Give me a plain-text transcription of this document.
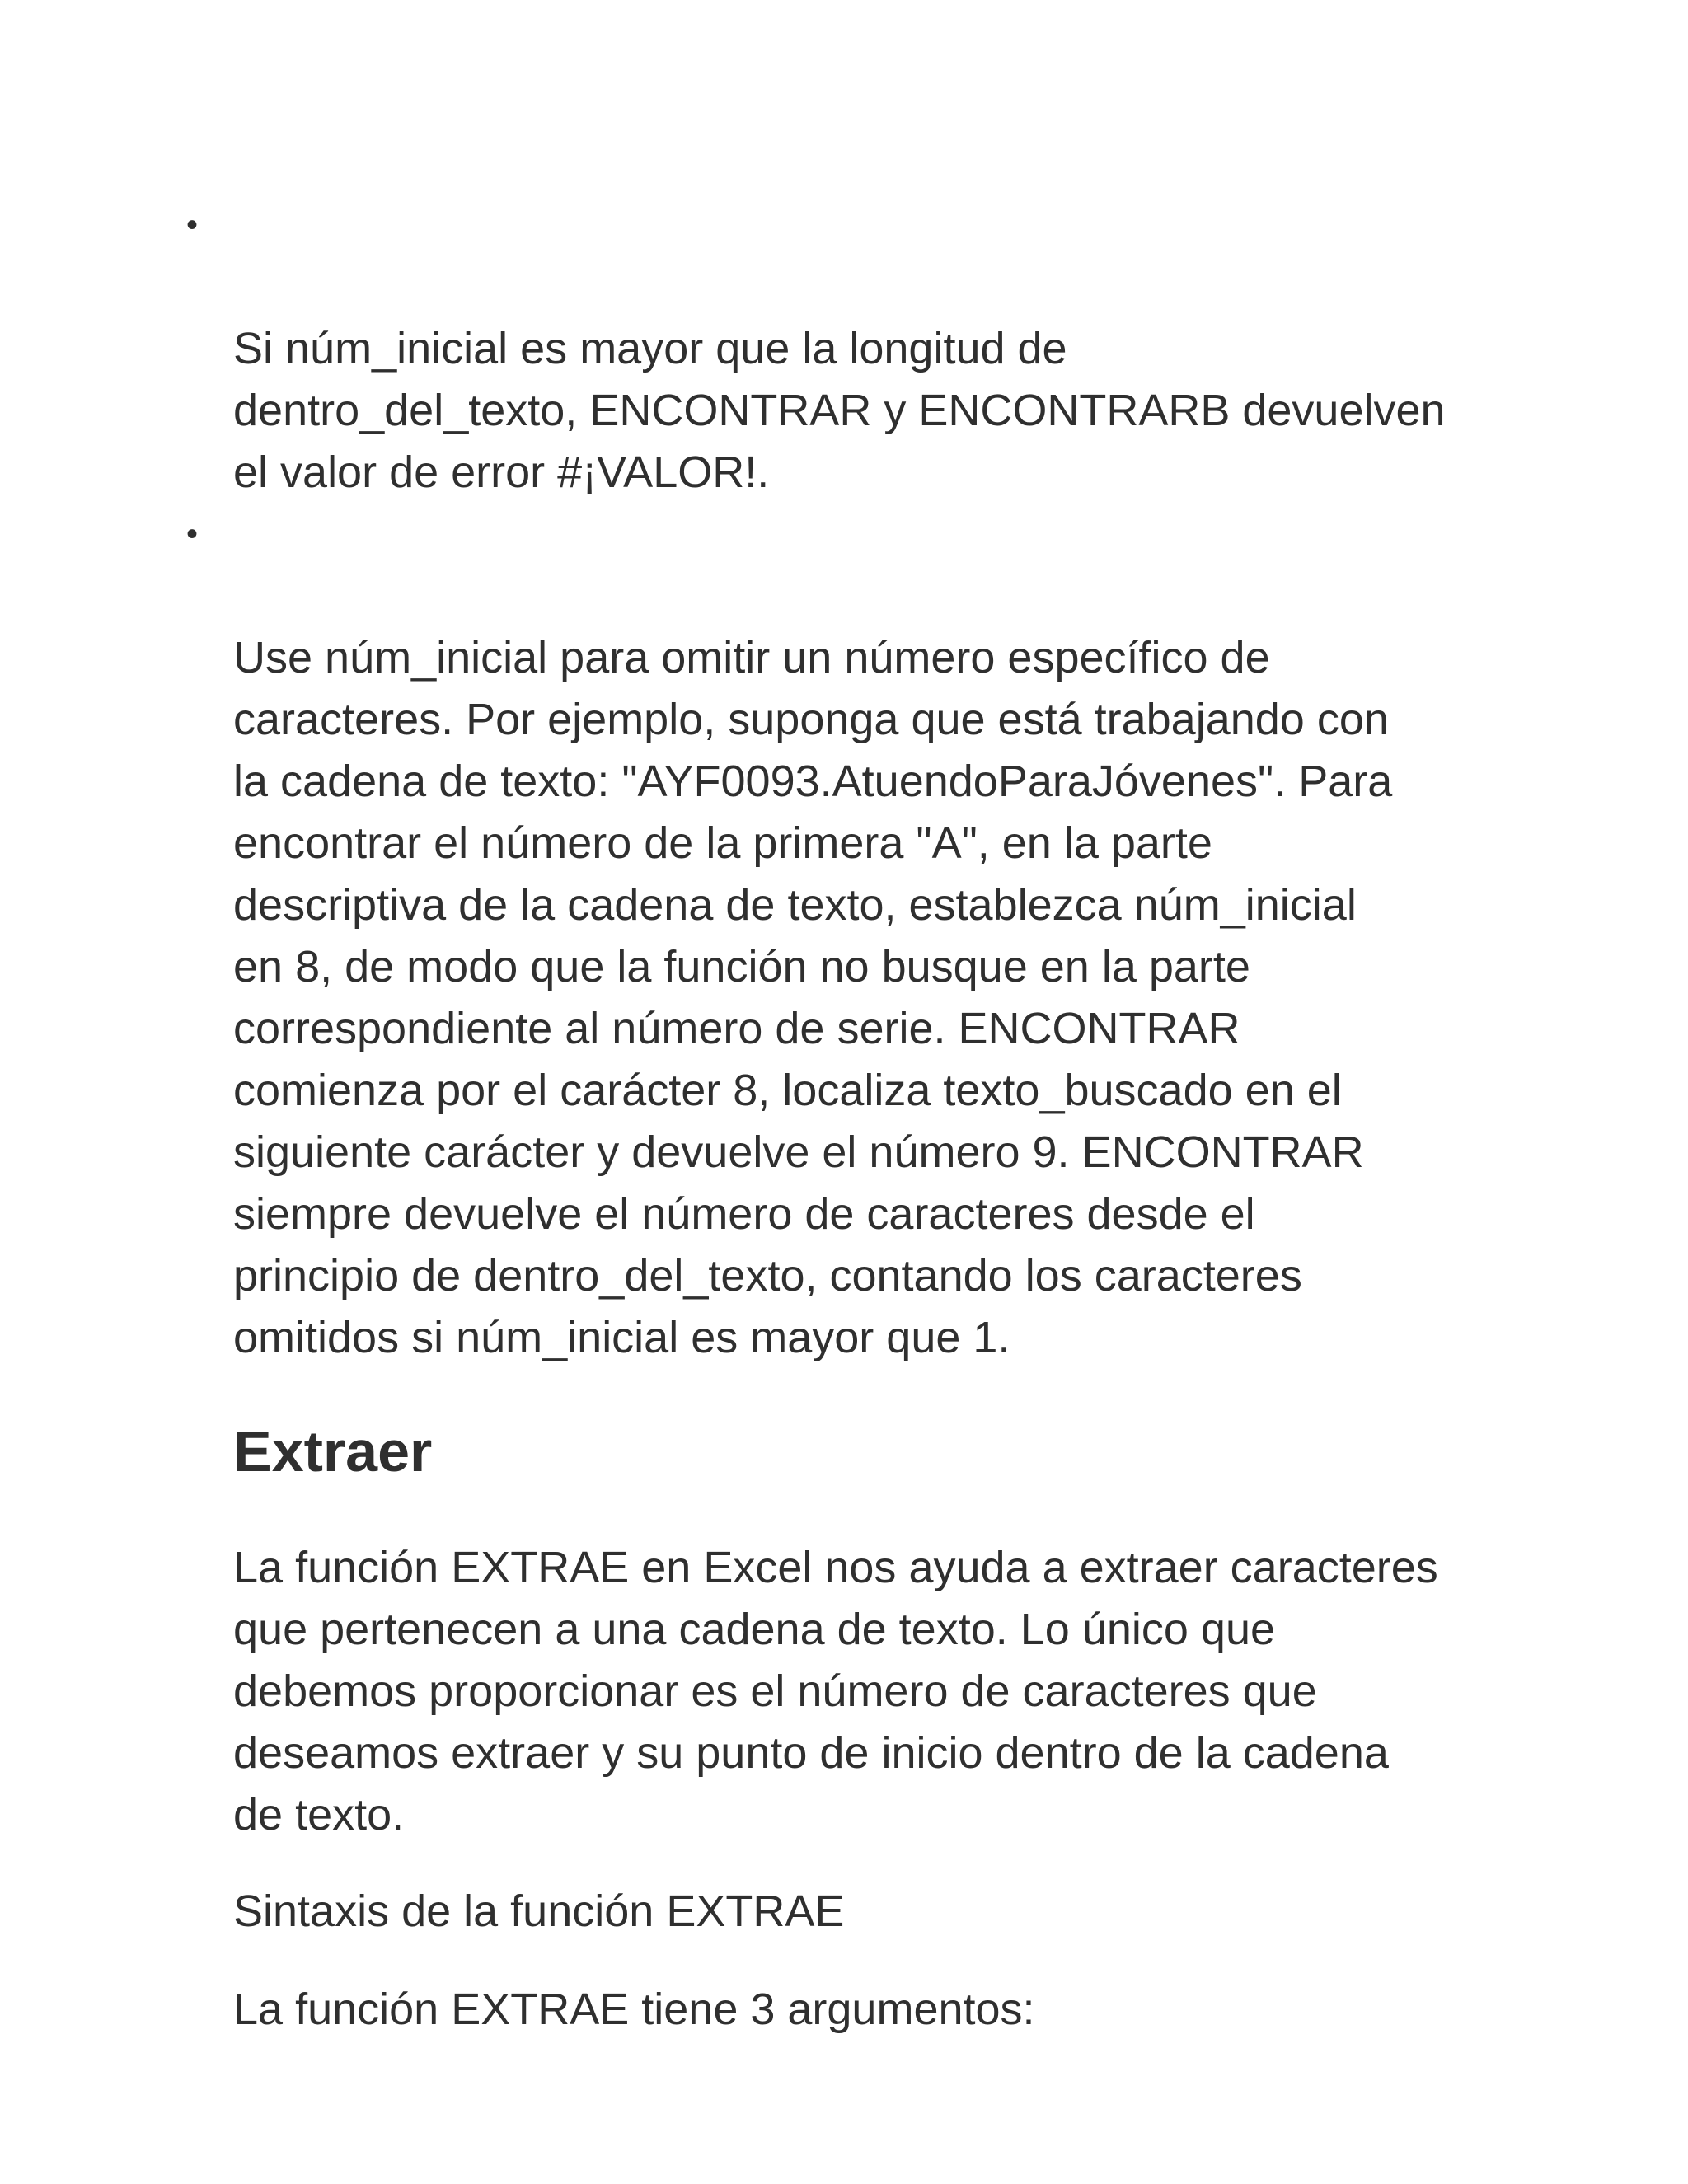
•

Si núm_inicial es mayor que la longitud de
dentro_del_texto, ENCONTRAR y ENCONTRARB devuelven
el valor de error #¡VALOR!.

•

Use núm_inicial para omitir un número específico de
caracteres. Por ejemplo, suponga que está trabajando con
la cadena de texto: "AYF0093.AtuendoParaJóvenes". Para
encontrar el número de la primera "A", en la parte
descriptiva de la cadena de texto, establezca núm_inicial
en 8, de modo que la función no busque en la parte
correspondiente al número de serie. ENCONTRAR
comienza por el carácter 8, localiza texto_buscado en el
siguiente carácter y devuelve el número 9. ENCONTRAR
siempre devuelve el número de caracteres desde el
principio de dentro_del_texto, contando los caracteres
omitidos si núm_inicial es mayor que 1.

Extraer

La función EXTRAE en Excel nos ayuda a extraer caracteres
que pertenecen a una cadena de texto. Lo único que
debemos proporcionar es el número de caracteres que
deseamos extraer y su punto de inicio dentro de la cadena
de texto.

Sintaxis de la función EXTRAE

La función EXTRAE tiene 3 argumentos:
